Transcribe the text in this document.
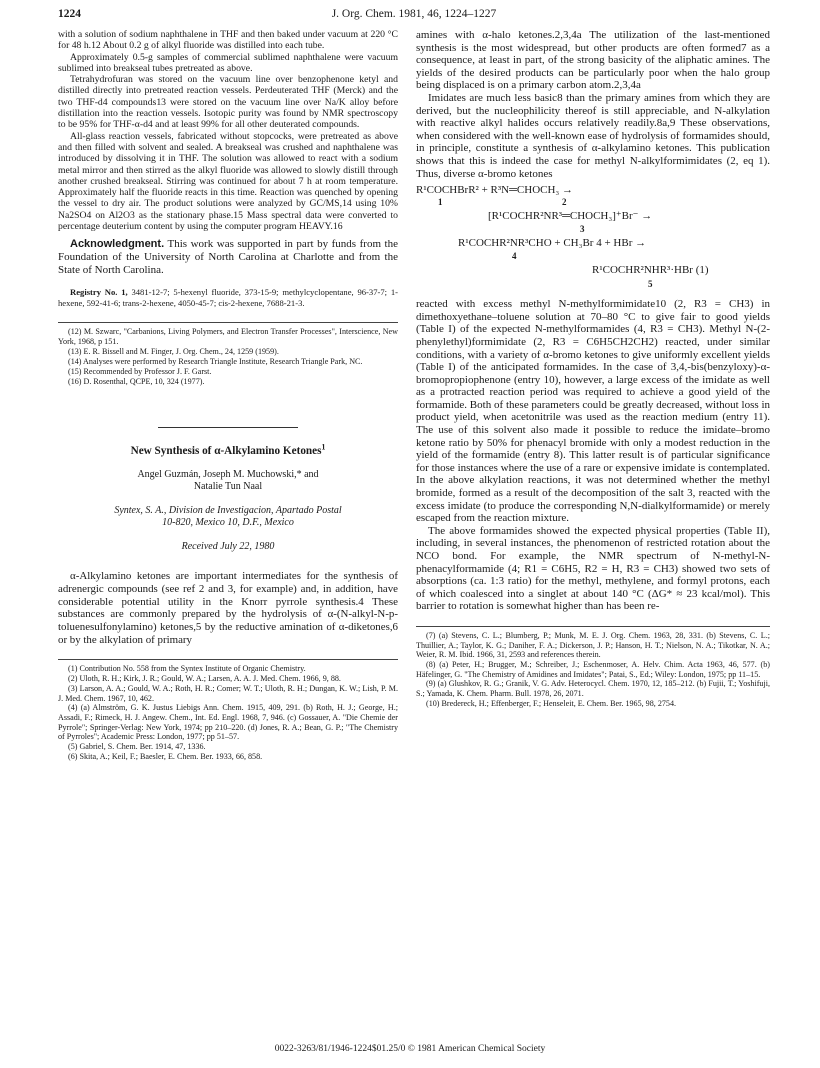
1224	J. Org. Chem. 1981, 46, 1224–1227

with a solution of sodium naphthalene in THF and then baked under vacuum at 220 °C for 48 h.12 About 0.2 g of alkyl fluoride was distilled into each tube.

Approximately 0.5-g samples of commercial sublimed naphthalene were vacuum sublimed into breakseal tubes pretreated as above.

Tetrahydrofuran was stored on the vacuum line over benzophenone ketyl and distilled directly into pretreated reaction vessels. Perdeuterated THF (Merck) and the two THF-d4 compounds13 were stored on the vacuum line over Na/K alloy before distillation into the reaction vessels. Isotopic purity was found by NMR spectroscopy to be 95% for THF-α-d4 and at least 99% for all other deuterated compounds.

All-glass reaction vessels, fabricated without stopcocks, were pretreated as above and then filled with solvent and sealed. A breakseal was crushed and naphthalene was introduced by dissolving it in THF. The solution was allowed to react with a sodium metal mirror and then stirred as the alkyl fluoride was allowed to slowly distill through another crushed breakseal. Stirring was continued for about 7 h at room temperature. Approximately half the fluoride reacts in this time. Reaction was quenched by opening the vessel to dry air. The product solutions were analyzed by GC/MS,14 using 10% Na2SO4 on Al2O3 as the stationary phase.15 Mass spectral data were converted to percentage deuterium content by using the computer program HEAVY.16

Acknowledgment. This work was supported in part by funds from the Foundation of the University of North Carolina at Charlotte and from the State of North Carolina.

Registry No. 1, 3481-12-7; 5-hexenyl fluoride, 373-15-9; methylcyclopentane, 96-37-7; 1-hexene, 592-41-6; trans-2-hexene, 4050-45-7; cis-2-hexene, 7688-21-3.

(12) M. Szwarc, "Carbanions, Living Polymers, and Electron Transfer Processes", Interscience, New York, 1968, p 151.

(13) E. R. Bissell and M. Finger, J. Org. Chem., 24, 1259 (1959).

(14) Analyses were performed by Research Triangle Institute, Research Triangle Park, NC.

(15) Recommended by Professor J. F. Garst.

(16) D. Rosenthal, QCPE, 10, 324 (1977).

New Synthesis of α-Alkylamino Ketones$^1$
Angel Guzmán, Joseph M. Muchowski,* and
Natalie Tun Naal
Syntex, S. A., Division de Investigacion, Apartado Postal
10-820, Mexico 10, D.F., Mexico
Received July 22, 1980

α-Alkylamino ketones are important intermediates for the synthesis of adrenergic compounds (see ref 2 and 3, for example) and, in addition, have considerable potential utility in the Knorr pyrrole synthesis.4 These substances are commonly prepared by the hydrolysis of α-(N-alkyl-N-p-toluenesulfonylamino) ketones,5 by the reductive amination of α-diketones,6 or by the alkylation of primary

(1) Contribution No. 558 from the Syntex Institute of Organic Chemistry.

(2) Uloth, R. H.; Kirk, J. R.; Gould, W. A.; Larsen, A. A. J. Med. Chem. 1966, 9, 88.

(3) Larson, A. A.; Gould, W. A.; Roth, H. R.; Comer; W. T.; Uloth, R. H.; Dungan, K. W.; Lish, P. M. J. Med. Chem. 1967, 10, 462.

(4) (a) Almström, G. K. Justus Liebigs Ann. Chem. 1915, 409, 291. (b) Roth, H. J.; George, H.; Assadi, F.; Rimeck, H. J. Angew. Chem., Int. Ed. Engl. 1968, 7, 946. (c) Gossauer, A. "Die Chemie der Pyrrole"; Springer-Verlag: New York, 1974; pp 210–220. (d) Jones, R. A.; Bean, G. P.; "The Chemistry of Pyrroles"; Academic Press: London, 1977; pp 51–57.

(5) Gabriel, S. Chem. Ber. 1914, 47, 1336.

(6) Skita, A.; Keil, F.; Baesler, E. Chem. Ber. 1933, 66, 858.

amines with α-halo ketones.2,3,4a The utilization of the last-mentioned synthesis is the most widespread, but other products are often formed7 as a consequence, at least in part, of the strong basicity of the aliphatic amines. The yields of the desired products can be particularly poor when the halo group being displaced is on a primary carbon atom.2,3,4a

Imidates are much less basic8 than the primary amines from which they are derived, but the nucleophilicity thereof is still appreciable, and N-alkylation with reactive alkyl halides occurs relatively readily.8a,9 These observations, when considered with the well-known ease of hydrolysis of formamides should, in principle, constitute a synthesis of α-alkylamino ketones. This publication shows that this is indeed the case for methyl N-alkylformimidates (2, eq 1). Thus, diverse α-bromo ketones

R¹COCHBrR² + R³N═CHOCH₃ →
1	2
[R¹COCHR²NR³═CHOCH₃]⁺Br⁻ →
3
R¹COCHR²NR³CHO + CH₃Br 4 + HBr →
4
R¹COCHR²NHR³·HBr (1)
5

reacted with excess methyl N-methylformimidate10 (2, R3 = CH3) in dimethoxyethane–toluene solution at 70–80 °C to give fair to good yields (Table I) of the expected N-methylformamides (4, R3 = CH3). Methyl N-(2-phenylethyl)formimidate (2, R3 = C6H5CH2CH2) reacted, under similar conditions, with a variety of α-bromo ketones to give uniformly excellent yields (Table I) of the anticipated formamides. In the case of 3,4,-bis(benzyloxy)-α-bromopropiophenone (entry 10), however, a large excess of the imidate as well as a protracted reaction period was required to achieve a good yield of the formamide. Both of these parameters could be greatly decreased, without loss in product yield, when acetonitrile was used as the reaction medium (entry 11). The use of this solvent also made it possible to reduce the imidate–bromo ketone ratio by 50% for phenacyl bromide with only a modest reduction in the yield of the formamide (entry 8). This latter result is of particular significance for those instances where the use of a rare or expensive imidate is contemplated. In the above alkylation reactions, it was not determined whether the methyl bromide, formed as a result of the decomposition of the salt 3, reacted with the excess imidate (to produce the corresponding N,N-dialkylformamide) or merely escaped from the reaction mixture.

The above formamides showed the expected physical properties (Table II), including, in several instances, the phenomenon of restricted rotation about the NCO bond. For example, the NMR spectrum of N-methyl-N-phenacylformamide (4; R1 = C6H5, R2 = H, R3 = CH3) showed two sets of absorptions (ca. 1:3 ratio) for the methyl, methylene, and formyl protons, each of which coalesced into a singlet at about 140 °C (ΔG* ≈ 23 kcal/mol). This barrier to rotation is somewhat higher than has been re-

(7) (a) Stevens, C. L.; Blumberg, P.; Munk, M. E. J. Org. Chem. 1963, 28, 331. (b) Stevens, C. L.; Thuillier, A.; Taylor, K. G.; Daniher, F. A.; Dickerson, J. P.; Hanson, H. T.; Nielson, N. A.; Tikotkar, N. A.; Weier, R. M. Ibid. 1966, 31, 2593 and references therein.

(8) (a) Peter, H.; Brugger, M.; Schreiber, J.; Eschenmoser, A. Helv. Chim. Acta 1963, 46, 577. (b) Häfelinger, G. "The Chemistry of Amidines and Imidates"; Patai, S., Ed.; Wiley: London, 1975; pp 11–15.

(9) (a) Glushkov, R. G.; Granik, V. G. Adv. Heterocycl. Chem. 1970, 12, 185–212. (b) Fujii, T.; Yoshifuji, S.; Yamada, K. Chem. Pharm. Bull. 1978, 26, 2071.

(10) Bredereck, H.; Effenberger, F.; Henseleit, E. Chem. Ber. 1965, 98, 2754.

0022-3263/81/1946-1224$01.25/0 © 1981 American Chemical Society
